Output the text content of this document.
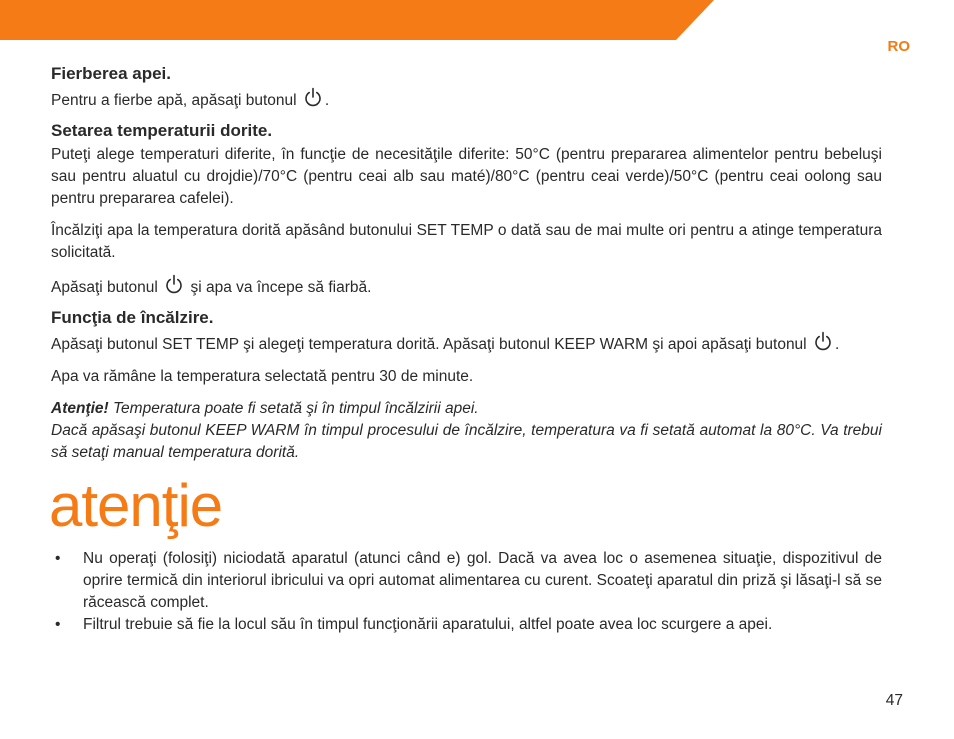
RO
Fierberea apei.

Pentru a fierbe apă, apăsaţi butonul .

Setarea temperaturii dorite.

Puteţi alege temperaturi diferite, în funcţie de necesităţile diferite: 50°C (pentru prepararea alimentelor pentru bebeluşi sau pentru aluatul cu drojdie)/70°C (pentru ceai alb sau maté)/80°C (pentru ceai verde)/50°C (pentru ceai oolong sau pentru prepararea cafelei).

Încălziţi apa la temperatura dorită apăsând butonului SET TEMP o dată sau de mai multe ori pentru a atinge temperatura solicitată.

Apăsaţi butonul şi apa va începe să fiarbă.

Funcţia de încălzire.

Apăsaţi butonul SET TEMP şi alegeţi temperatura dorită. Apăsaţi butonul KEEP WARM şi apoi apăsaţi butonul .

Apa va rămâne la temperatura selectată pentru 30 de minute.

Atenţie! Temperatura poate fi setată şi în timpul încălzirii apei.
Dacă apăsaşi butonul KEEP WARM în timpul procesului de încălzire, temperatura va fi setată automat la 80°C. Va trebui să setaţi manual temperatura dorită.
atenţie
• Nu operaţi (folosiţi) niciodată aparatul (atunci când e) gol. Dacă va avea loc o asemenea situaţie, dispozitivul de oprire termică din interiorul ibricului va opri automat alimentarea cu curent. Scoateţi aparatul din priză şi lăsaţi-l să se răcească complet.
• Filtrul trebuie să fie la locul său în timpul funcţionării aparatului, altfel poate avea loc scurgere a apei.
47
